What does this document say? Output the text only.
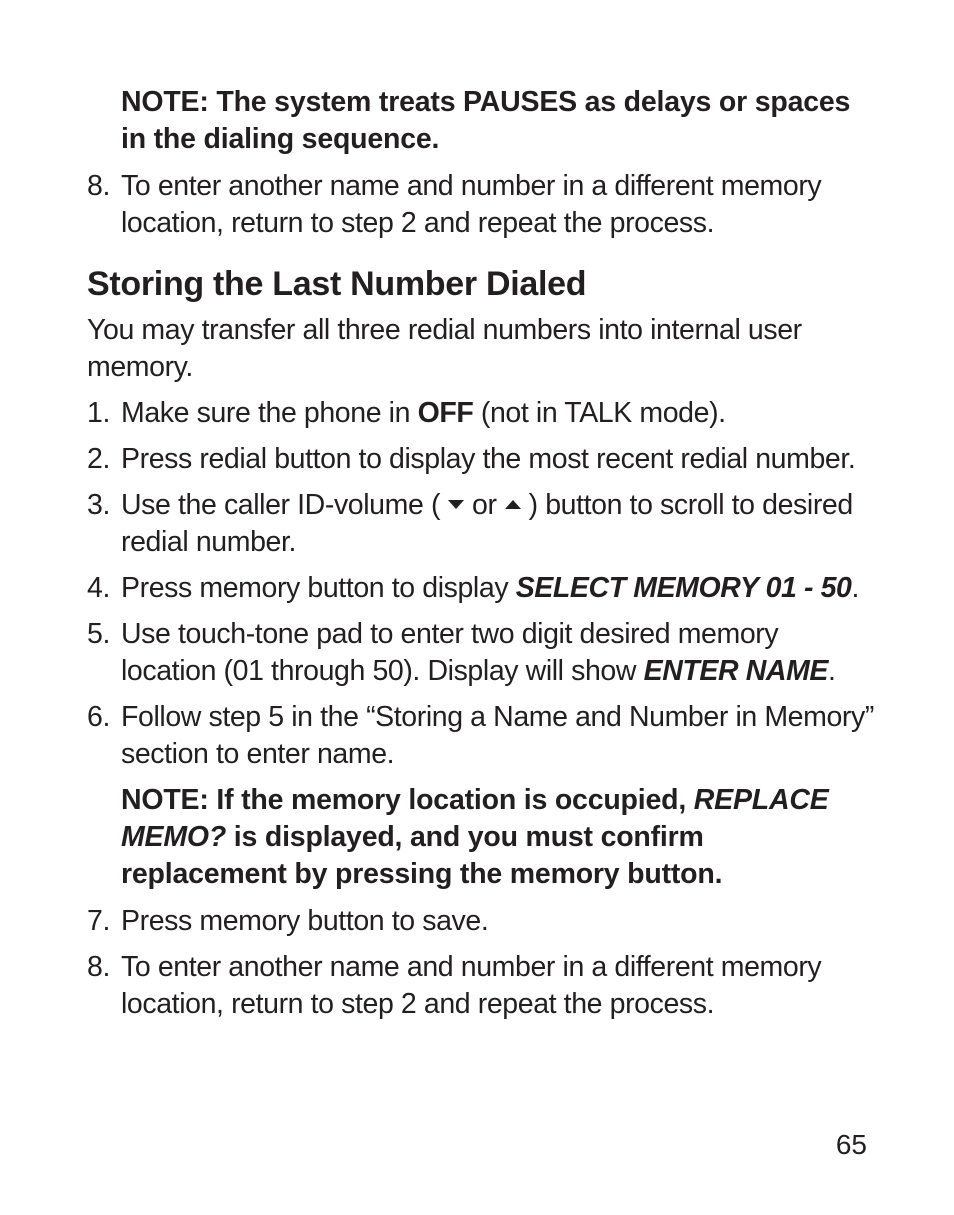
NOTE: The system treats PAUSES as delays or spaces in the dialing sequence.
8. To enter another name and number in a different memory location, return to step 2 and repeat the process.
Storing the Last Number Dialed
You may transfer all three redial numbers into internal user memory.
1. Make sure the phone in OFF (not in TALK mode).
2. Press redial button to display the most recent redial number.
3. Use the caller ID-volume ( or ) button to scroll to desired redial number.
4. Press memory button to display SELECT MEMORY 01 - 50.
5. Use touch-tone pad to enter two digit desired memory location (01 through 50). Display will show ENTER NAME.
6. Follow step 5 in the “Storing a Name and Number in Memory” section to enter name.
NOTE: If the memory location is occupied, REPLACE MEMO? is displayed, and you must confirm replacement by pressing the memory button.
7. Press memory button to save.
8. To enter another name and number in a different memory location, return to step 2 and repeat the process.
65
